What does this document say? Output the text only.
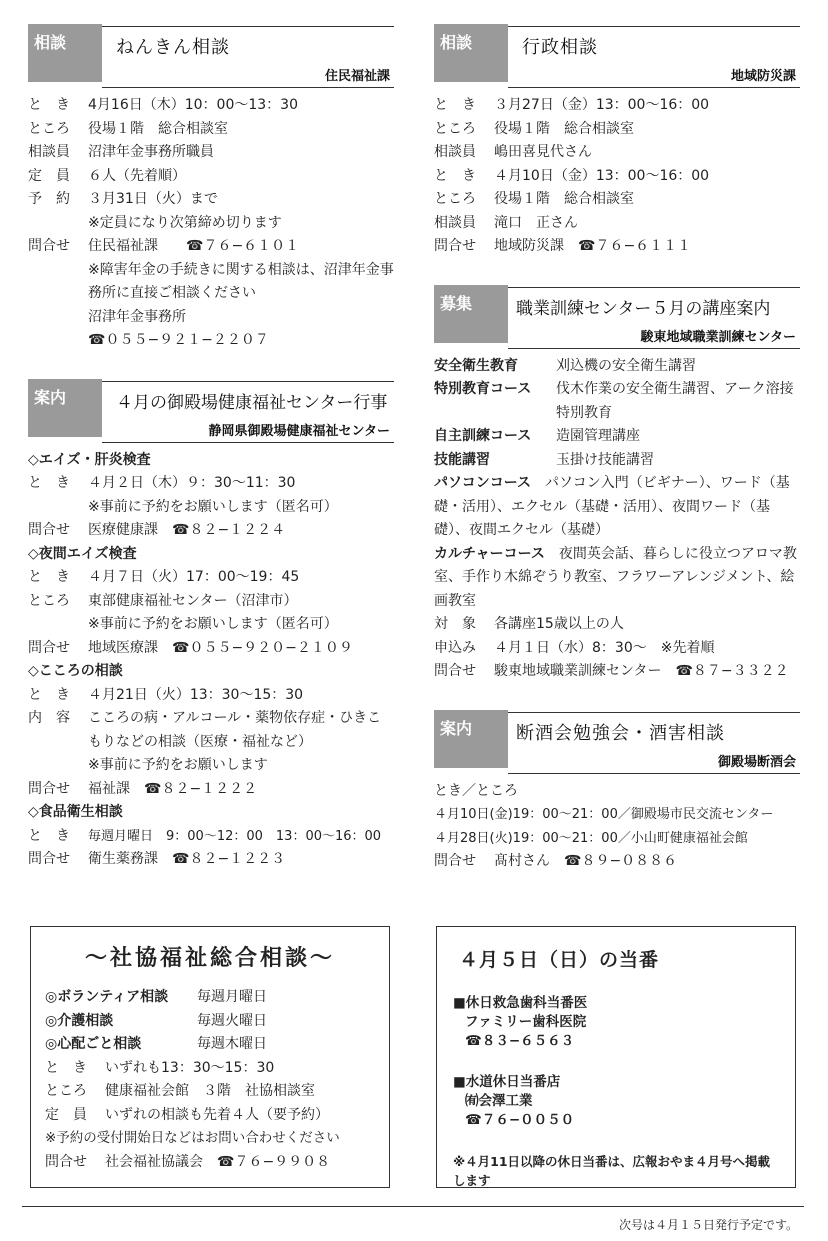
相談	ねんきん相談
住民福祉課
と　き	4月16日（木）10：00〜13：30
ところ	役場１階　総合相談室
相談員	沼津年金事務所職員
定　員	６人（先着順）
予　約	３月31日（火）まで
※定員になり次第締め切ります
問合せ	住民福祉課　　☎７６−６１０１
※障害年金の手続きに関する相談は、沼津年金事務所に直接ご相談ください
沼津年金事務所
☎０５５−９２１−２２０７
案内	４月の御殿場健康福祉センター行事
静岡県御殿場健康福祉センター
◇エイズ・肝炎検査
と　き	４月２日（木）９：30〜11：30
※事前に予約をお願いします（匿名可）
問合せ	医療健康課　☎８２−１２２４
◇夜間エイズ検査
と　き	４月７日（火）17：00〜19：45
ところ	東部健康福祉センター（沼津市）
※事前に予約をお願いします（匿名可）
問合せ	地域医療課　☎０５５−９２０−２１０９
◇こころの相談
と　き	４月21日（火）13：30〜15：30
内　容	こころの病・アルコール・薬物依存症・ひきこもりなどの相談（医療・福祉など）
※事前に予約をお願いします
問合せ	福祉課　☎８２−１２２２
◇食品衛生相談
と　き	毎週月曜日　9：00〜12：00　13：00〜16：00
問合せ	衛生薬務課　☎８２−１２２３
相談	行政相談
地域防災課
と　き	３月27日（金）13：00〜16：00
ところ	役場１階　総合相談室
相談員	嶋田喜見代さん
と　き	４月10日（金）13：00〜16：00
ところ	役場１階　総合相談室
相談員	滝口　正さん
問合せ	地域防災課　☎７６−６１１１
募集	職業訓練センター５月の講座案内
駿東地域職業訓練センター
安全衛生教育	刈込機の安全衛生講習
特別教育コース	伐木作業の安全衛生講習、アーク溶接特別教育
自主訓練コース	造園管理講座
技能講習	玉掛け技能講習
パソコンコース　 パソコン入門（ビギナー）、ワード（基礎・活用）、エクセル（基礎・活用）、夜間ワード（基礎）、夜間エクセル（基礎）
カルチャーコース　 夜間英会話、暮らしに役立つアロマ教室、手作り木綿ぞうり教室、フラワーアレンジメント、絵画教室
対　象	各講座15歳以上の人
申込み	４月１日（水）8：30〜　※先着順
問合せ	駿東地域職業訓練センター　☎８７−３３２２
案内	断酒会勉強会・酒害相談
御殿場断酒会
とき／ところ
４月10日(金)19：00〜21：00／御殿場市民交流センター
４月28日(火)19：00〜21：00／小山町健康福祉会館
問合せ	髙村さん　☎８９−０８８６
〜社協福祉総合相談〜
◎ボランティア相談	毎週月曜日
◎介護相談	毎週火曜日
◎心配ごと相談	毎週木曜日
と　き	いずれも13：30〜15：30
ところ	健康福祉会館　３階　社協相談室
定　員	いずれの相談も先着４人（要予約）
※予約の受付開始日などはお問い合わせください
問合せ	社会福祉協議会　☎７６−９９０８
４月５日（日）の当番
■休日救急歯科当番医
ファミリー歯科医院
☎８３−６５６３
■水道休日当番店
㈲会澤工業
☎７６−００５０
※４月11日以降の休日当番は、広報おやま４月号へ掲載します
次号は４月１５日発行予定です。
